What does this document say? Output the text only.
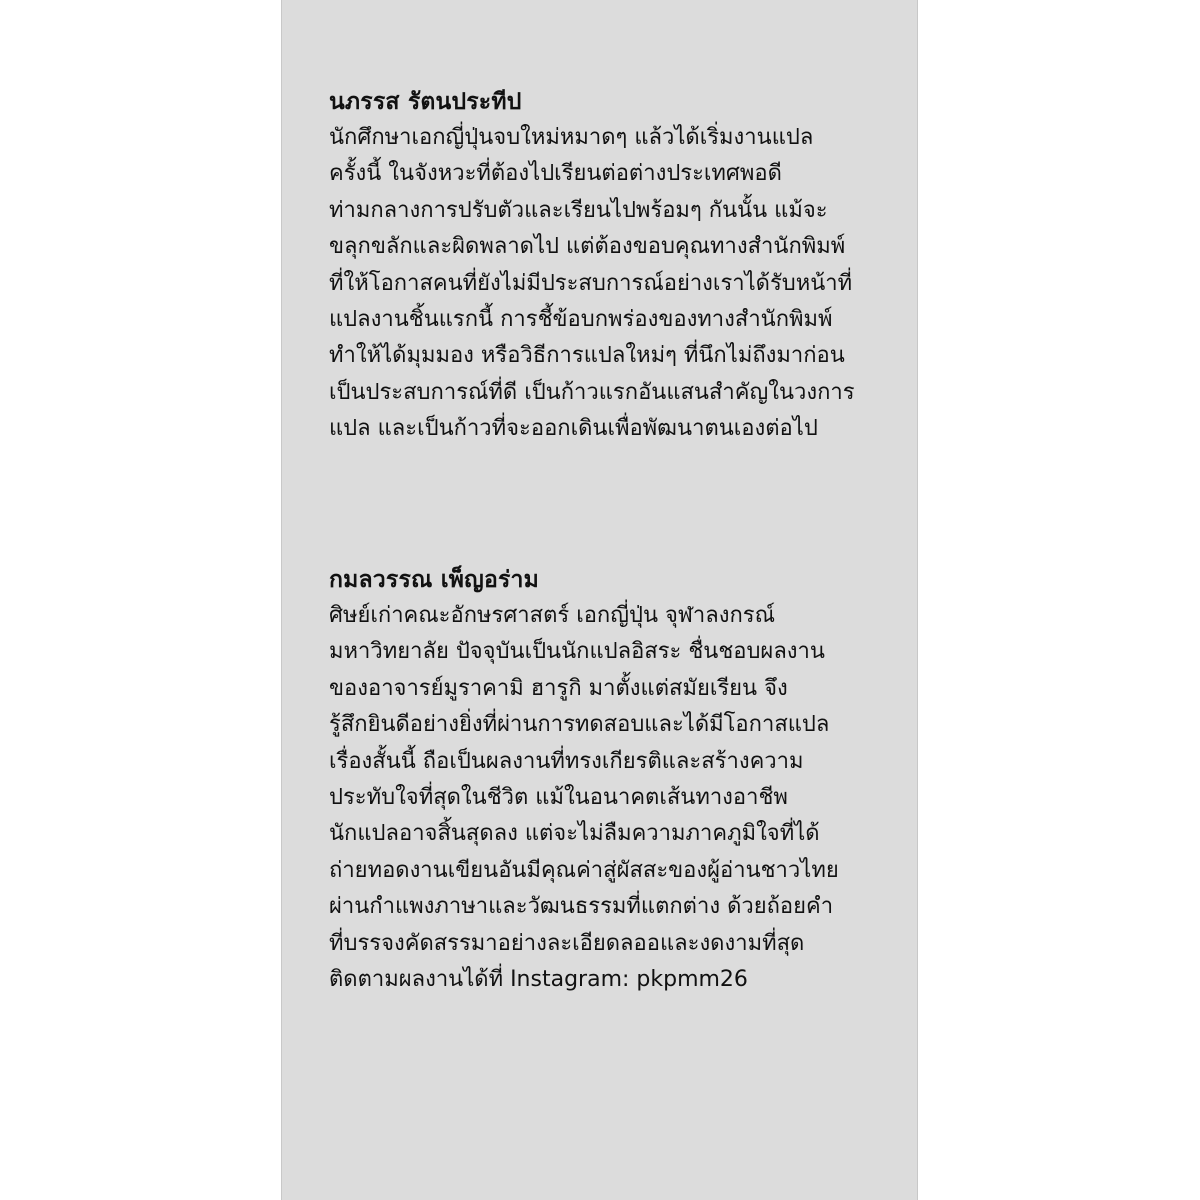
นภรรส รัตนประทีป
นักศึกษาเอกญี่ปุ่นจบใหม่หมาดๆ แล้วได้เริ่มงานแปล
ครั้งนี้ ในจังหวะที่ต้องไปเรียนต่อต่างประเทศพอดี
ท่ามกลางการปรับตัวและเรียนไปพร้อมๆ กันนั้น แม้จะ
ขลุกขลักและผิดพลาดไป แต่ต้องขอบคุณทางสำนักพิมพ์
ที่ให้โอกาสคนที่ยังไม่มีประสบการณ์อย่างเราได้รับหน้าที่
แปลงานชิ้นแรกนี้ การชี้ข้อบกพร่องของทางสำนักพิมพ์
ทำให้ได้มุมมอง หรือวิธีการแปลใหม่ๆ ที่นึกไม่ถึงมาก่อน
เป็นประสบการณ์ที่ดี เป็นก้าวแรกอันแสนสำคัญในวงการ
แปล และเป็นก้าวที่จะออกเดินเพื่อพัฒนาตนเองต่อไป
กมลวรรณ เพ็ญอร่าม
ศิษย์เก่าคณะอักษรศาสตร์ เอกญี่ปุ่น จุฬาลงกรณ์
มหาวิทยาลัย ปัจจุบันเป็นนักแปลอิสระ ชื่นชอบผลงาน
ของอาจารย์มูราคามิ ฮารูกิ มาตั้งแต่สมัยเรียน จึง
รู้สึกยินดีอย่างยิ่งที่ผ่านการทดสอบและได้มีโอกาสแปล
เรื่องสั้นนี้ ถือเป็นผลงานที่ทรงเกียรติและสร้างความ
ประทับใจที่สุดในชีวิต แม้ในอนาคตเส้นทางอาชีพ
นักแปลอาจสิ้นสุดลง แต่จะไม่ลืมความภาคภูมิใจที่ได้
ถ่ายทอดงานเขียนอันมีคุณค่าสู่ผัสสะของผู้อ่านชาวไทย
ผ่านกำแพงภาษาและวัฒนธรรมที่แตกต่าง ด้วยถ้อยคำ
ที่บรรจงคัดสรรมาอย่างละเอียดลออและงดงามที่สุด
ติดตามผลงานได้ที่ Instagram: pkpmm26
